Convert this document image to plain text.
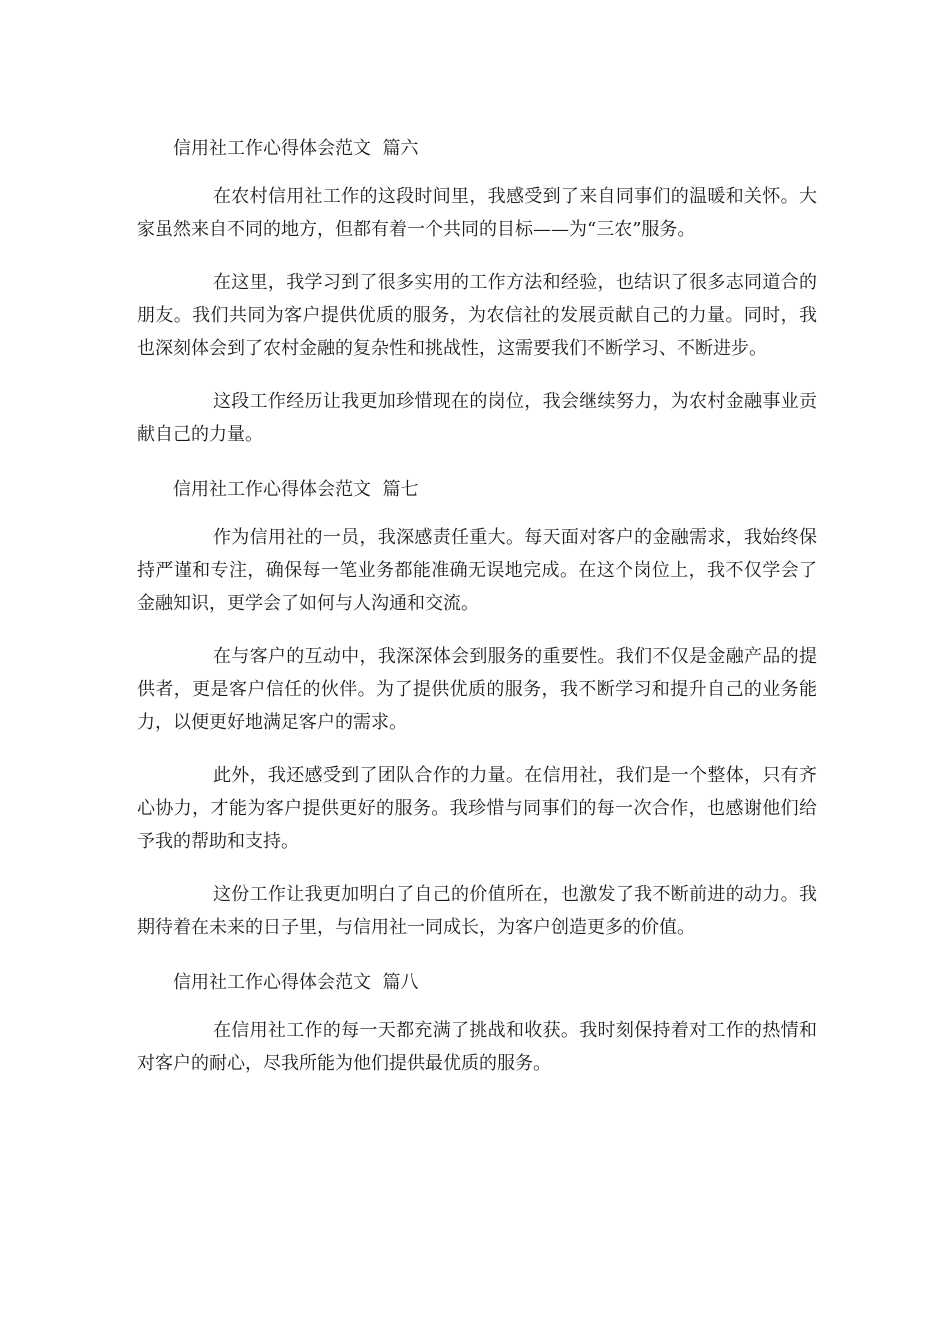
信用社工作心得体会范文  篇六

在农村信用社工作的这段时间里，我感受到了来自同事们的温暖和关怀。大家虽然来自不同的地方，但都有着一个共同的目标——为“三农”服务。

在这里，我学习到了很多实用的工作方法和经验，也结识了很多志同道合的朋友。我们共同为客户提供优质的服务，为农信社的发展贡献自己的力量。同时，我也深刻体会到了农村金融的复杂性和挑战性，这需要我们不断学习、不断进步。

这段工作经历让我更加珍惜现在的岗位，我会继续努力，为农村金融事业贡献自己的力量。

信用社工作心得体会范文  篇七

作为信用社的一员，我深感责任重大。每天面对客户的金融需求，我始终保持严谨和专注，确保每一笔业务都能准确无误地完成。在这个岗位上，我不仅学会了金融知识，更学会了如何与人沟通和交流。

在与客户的互动中，我深深体会到服务的重要性。我们不仅是金融产品的提供者，更是客户信任的伙伴。为了提供优质的服务，我不断学习和提升自己的业务能力，以便更好地满足客户的需求。

此外，我还感受到了团队合作的力量。在信用社，我们是一个整体，只有齐心协力，才能为客户提供更好的服务。我珍惜与同事们的每一次合作，也感谢他们给予我的帮助和支持。

这份工作让我更加明白了自己的价值所在，也激发了我不断前进的动力。我期待着在未来的日子里，与信用社一同成长，为客户创造更多的价值。

信用社工作心得体会范文  篇八

在信用社工作的每一天都充满了挑战和收获。我时刻保持着对工作的热情和对客户的耐心，尽我所能为他们提供最优质的服务。
